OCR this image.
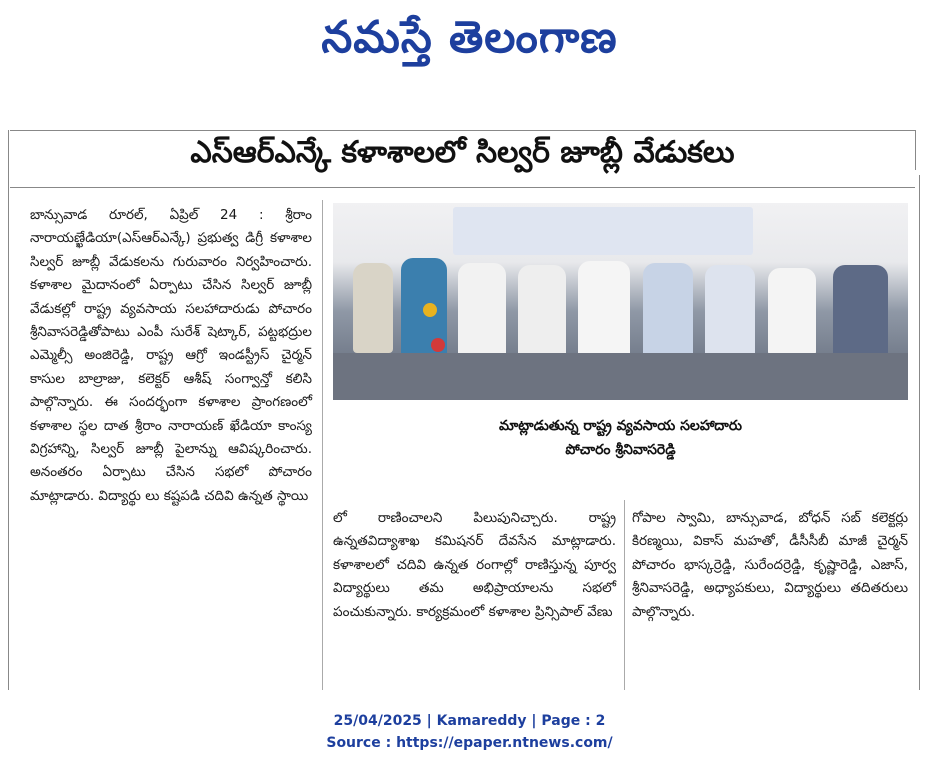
నమస్తే తెలంగాణ
ఎస్ఆర్ఎన్కే కళాశాలలో సిల్వర్ జూబ్లీ వేడుకలు
బాన్సువాడ రూరల్, ఏప్రిల్ 24 : శ్రీరాం నారాయణ్ఖేడియా(ఎస్ఆర్ఎన్కే) ప్రభుత్వ డిగ్రీ కళాశాల సిల్వర్ జూబ్లీ వేడుకలను గురువారం నిర్వహించారు. కళాశాల మైదానంలో ఏర్పాటు చేసిన సిల్వర్ జూబ్లీ వేడుకల్లో రాష్ట్ర వ్యవసాయ సలహాదారుడు పోచారం శ్రీనివాసరెడ్డితోపాటు ఎంపీ సురేశ్ షెట్కార్, పట్టభద్రుల ఎమ్మెల్సీ అంజిరెడ్డి, రాష్ట్ర ఆగ్రో ఇండస్ట్రీస్ చైర్మన్ కాసుల బాల్రాజు, కలెక్టర్ ఆశీష్ సంగ్వాన్తో కలిసి పాల్గొన్నారు. ఈ సందర్భంగా కళాశాల ప్రాంగణంలో కళాశాల స్థల దాత శ్రీరాం నారాయణ్ ఖేడియా కాంస్య విగ్రహాన్ని, సిల్వర్ జూబ్లీ పైలాన్ను ఆవిష్కరించారు. అనంతరం ఏర్పాటు చేసిన సభలో పోచారం మాట్లాడారు. విద్యార్థు లు కష్టపడి చదివి ఉన్నత స్థాయి
మాట్లాడుతున్న రాష్ట్ర వ్యవసాయ సలహాదారు
పోచారం శ్రీనివాసరెడ్డి
లో రాణించాలని పిలుపునిచ్చారు. రాష్ట్ర ఉన్నతవిద్యాశాఖ కమిషనర్ దేవసేన మాట్లాడారు. కళాశాలలో చదివి ఉన్నత రంగాల్లో రాణిస్తున్న పూర్వ విద్యార్థులు తమ అభిప్రాయాలను సభలో పంచుకున్నారు. కార్యక్రమంలో కళాశాల ప్రిన్సిపాల్ వేణు
గోపాల స్వామి, బాన్సువాడ, బోధన్ సబ్ కలెక్టర్లు కిరణ్మయి, వికాస్ మహతో, డీసీసీబీ మాజీ చైర్మన్ పోచారం భాస్కర్రెడ్డి, సురేందర్రెడ్డి, కృష్ణారెడ్డి, ఎజాస్, శ్రీనివాసరెడ్డి, అధ్యాపకులు, విద్యార్థులు తదితరులు పాల్గొన్నారు.
25/04/2025 | Kamareddy | Page : 2
Source : https://epaper.ntnews.com/
